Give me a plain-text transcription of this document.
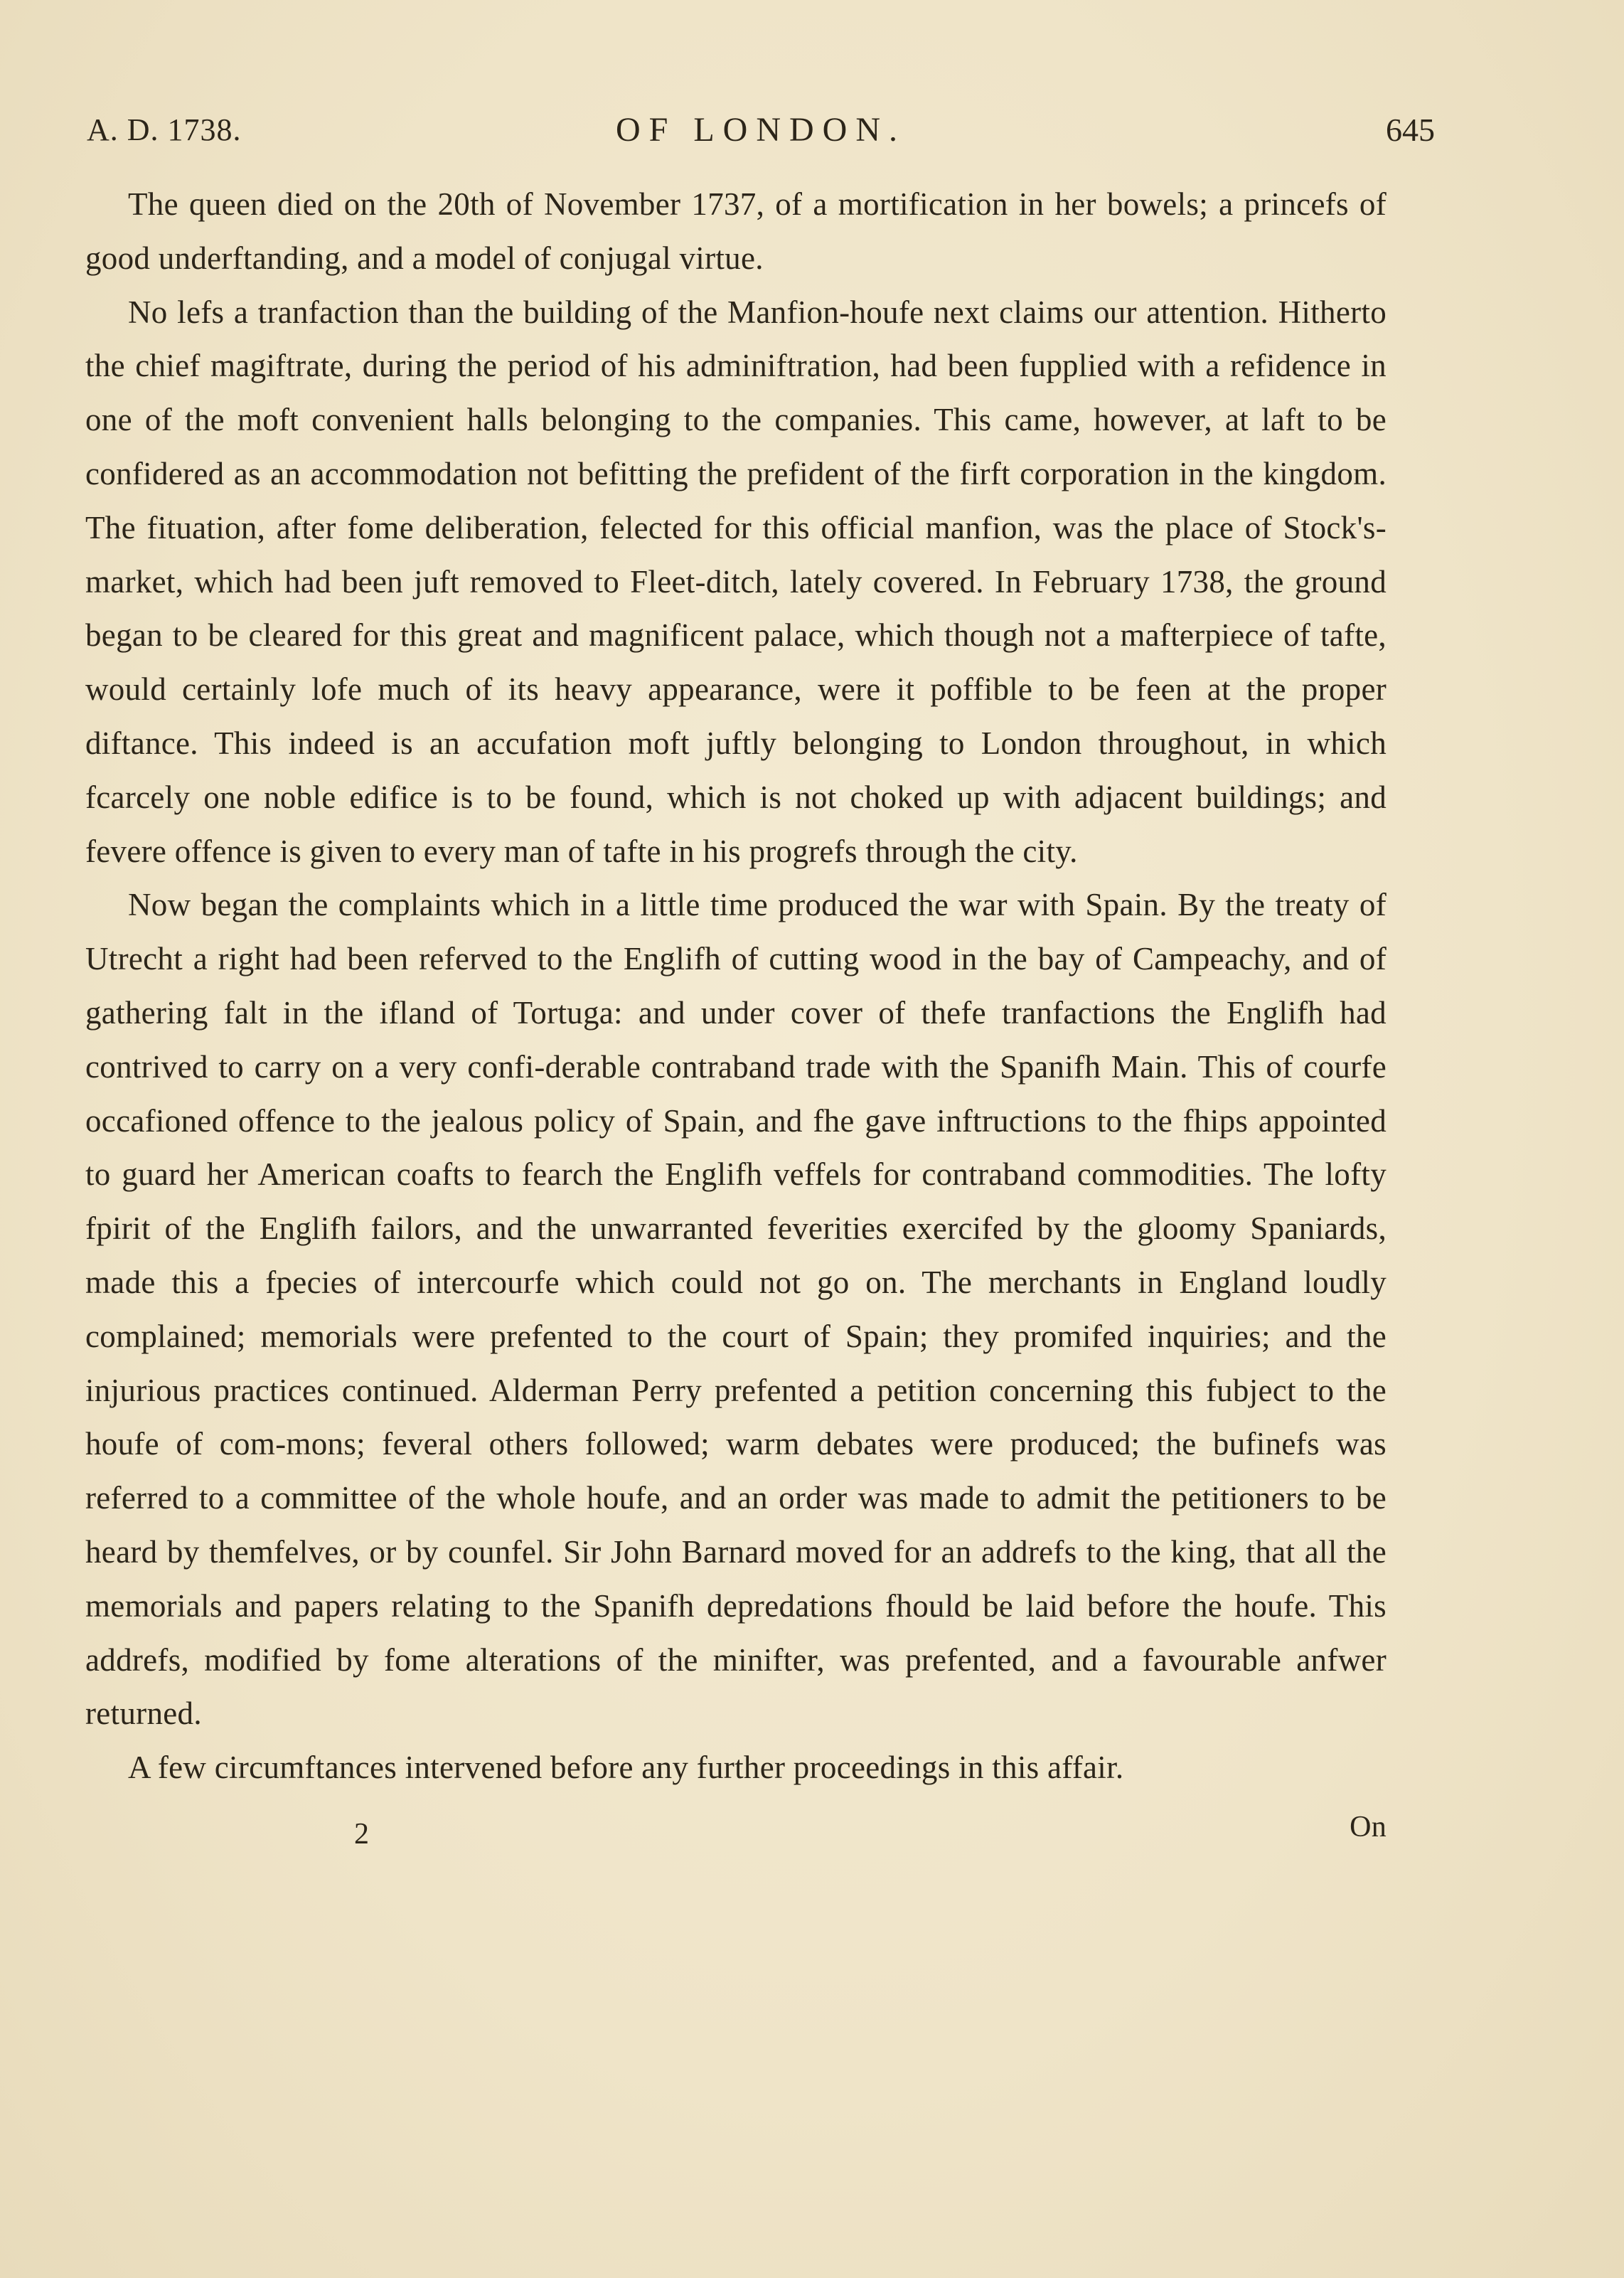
A. D. 1738.	OF LONDON.	645

The queen died on the 20th of November 1737, of a mortification in her bowels; a princefs of good underftanding, and a model of conjugal virtue.

No lefs a tranfaction than the building of the Manfion-houfe next claims our attention. Hitherto the chief magiftrate, during the period of his adminiftration, had been fupplied with a refidence in one of the moft convenient halls belonging to the companies. This came, however, at laft to be confidered as an accommodation not befitting the prefident of the firft corporation in the kingdom. The fituation, after fome deliberation, felected for this official manfion, was the place of Stock's-market, which had been juft removed to Fleet-ditch, lately covered. In February 1738, the ground began to be cleared for this great and magnificent palace, which though not a mafterpiece of tafte, would certainly lofe much of its heavy appearance, were it poffible to be feen at the proper diftance. This indeed is an accufation moft juftly belonging to London throughout, in which fcarcely one noble edifice is to be found, which is not choked up with adjacent buildings; and fevere offence is given to every man of tafte in his progrefs through the city.

Now began the complaints which in a little time produced the war with Spain. By the treaty of Utrecht a right had been referved to the Englifh of cutting wood in the bay of Campeachy, and of gathering falt in the ifland of Tortuga: and under cover of thefe tranfactions the Englifh had contrived to carry on a very confi-derable contraband trade with the Spanifh Main. This of courfe occafioned offence to the jealous policy of Spain, and fhe gave inftructions to the fhips appointed to guard her American coafts to fearch the Englifh veffels for contraband commodities. The lofty fpirit of the Englifh failors, and the unwarranted feverities exercifed by the gloomy Spaniards, made this a fpecies of intercourfe which could not go on. The merchants in England loudly complained; memorials were prefented to the court of Spain; they promifed inquiries; and the injurious practices continued. Alderman Perry prefented a petition concerning this fubject to the houfe of com-mons; feveral others followed; warm debates were produced; the bufinefs was referred to a committee of the whole houfe, and an order was made to admit the petitioners to be heard by themfelves, or by counfel. Sir John Barnard moved for an addrefs to the king, that all the memorials and papers relating to the Spanifh depredations fhould be laid before the houfe. This addrefs, modified by fome alterations of the minifter, was prefented, and a favourable anfwer returned.

A few circumftances intervened before any further proceedings in this affair.

2	On
